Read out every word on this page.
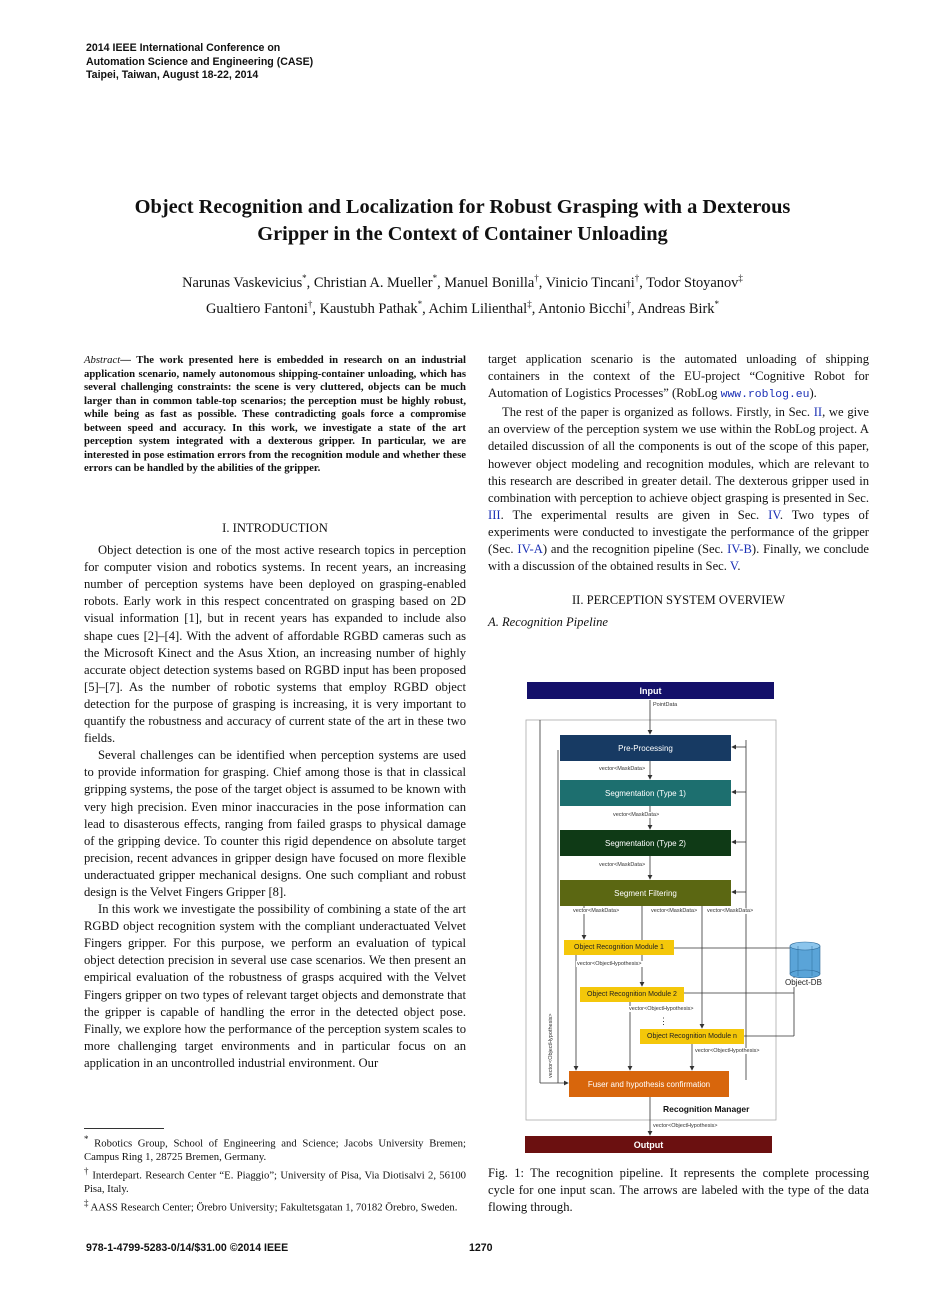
2014 IEEE International Conference on
Automation Science and Engineering (CASE)
Taipei, Taiwan, August 18-22, 2014
Object Recognition and Localization for Robust Grasping with a Dexterous
Gripper in the Context of Container Unloading
Narunas Vaskevicius*, Christian A. Mueller*, Manuel Bonilla†, Vinicio Tincani†, Todor Stoyanov‡
Gualtiero Fantoni†, Kaustubh Pathak*, Achim Lilienthal‡, Antonio Bicchi†, Andreas Birk*
Abstract— The work presented here is embedded in research on an industrial application scenario, namely autonomous shipping-container unloading, which has several challenging constraints: the scene is very cluttered, objects can be much larger than in common table-top scenarios; the perception must be highly robust, while being as fast as possible. These contradicting goals force a compromise between speed and accuracy. In this work, we investigate a state of the art perception system integrated with a dexterous gripper. In particular, we are interested in pose estimation errors from the recognition module and whether these errors can be handled by the abilities of the gripper.
I. INTRODUCTION

Object detection is one of the most active research topics in perception for computer vision and robotics systems. In recent years, an increasing number of perception systems have been deployed on grasping-enabled robots. Early work in this respect concentrated on grasping based on 2D visual information [1], but in recent years has expanded to include also shape cues [2]–[4]. With the advent of affordable RGBD cameras such as the Microsoft Kinect and the Asus Xtion, an increasing number of highly accurate object detection systems based on RGBD input has been proposed [5]–[7]. As the number of robotic systems that employ RGBD object detection for the purpose of grasping is increasing, it is very important to quantify the robustness and accuracy of current state of the art in these two fields.

Several challenges can be identified when perception systems are used to provide information for grasping. Chief among those is that in classical gripping systems, the pose of the target object is assumed to be known with very high precision. Even minor inaccuracies in the pose information can lead to disasterous effects, ranging from failed grasps to physical damage of the gripping device. To counter this rigid dependence on absolute target precision, recent advances in gripper design have focused on more flexible underactuated gripper mechanical designs. One such compliant and robust design is the Velvet Fingers Gripper [8].

In this work we investigate the possibility of combining a state of the art RGBD object recognition system with the compliant underactuated Velvet Fingers gripper. For this purpose, we perform an evaluation of typical object detection precision in several use case scenarios. We then present an empirical evaluation of the robustness of grasps acquired with the Velvet Fingers gripper on two types of relevant target objects and demonstrate that the gripper is capable of handling the error in the detected object pose. Finally, we explore how the performance of the perception system scales to more challenging target environments and in particular focus on an application in an uncontrolled industrial environment. Our

* Robotics Group, School of Engineering and Science; Jacobs University Bremen; Campus Ring 1, 28725 Bremen, Germany.
† Interdepart. Research Center “E. Piaggio”; University of Pisa, Via Diotisalvi 2, 56100 Pisa, Italy.
‡ AASS Research Center; Örebro University; Fakultetsgatan 1, 70182 Örebro, Sweden.

target application scenario is the automated unloading of shipping containers in the context of the EU-project “Cognitive Robot for Automation of Logistics Processes” (RobLog www.roblog.eu).

The rest of the paper is organized as follows. Firstly, in Sec. II, we give an overview of the perception system we use within the RobLog project. A detailed discussion of all the components is out of the scope of this paper, however object modeling and recognition modules, which are relevant to this research are described in greater detail. The dexterous gripper used in combination with perception to achieve object grasping is presented in Sec. III. The experimental results are given in Sec. IV. Two types of experiments were conducted to investigate the performance of the gripper (Sec. IV-A) and the recognition pipeline (Sec. IV-B). Finally, we conclude with a discussion of the obtained results in Sec. V.

II. PERCEPTION SYSTEM OVERVIEW
A. Recognition Pipeline
Input
PointData
Pre-Processing
vector<MaskData>
Segmentation (Type 1)
vector<MaskData>
Segmentation (Type 2)
vector<MaskData>
Segment Filtering
vector<MaskData>	vector<MaskData> vector<MaskData>
Object Recognition Module 1
vector<ObjectHypothesis>
Object Recognition Module 2
vector<ObjectHypothesis>
⋮
Object Recognition Module n
vector<ObjectHypothesis>
vector<ObjectHypothesis>
Fuser and hypothesis confirmation
Recognition Manager
vector<ObjectHypothesis>
Output
Object-DB
Fig. 1: The recognition pipeline. It represents the complete processing cycle for one input scan. The arrows are labeled with the type of the data flowing through.
978-1-4799-5283-0/14/$31.00 ©2014 IEEE	1270
